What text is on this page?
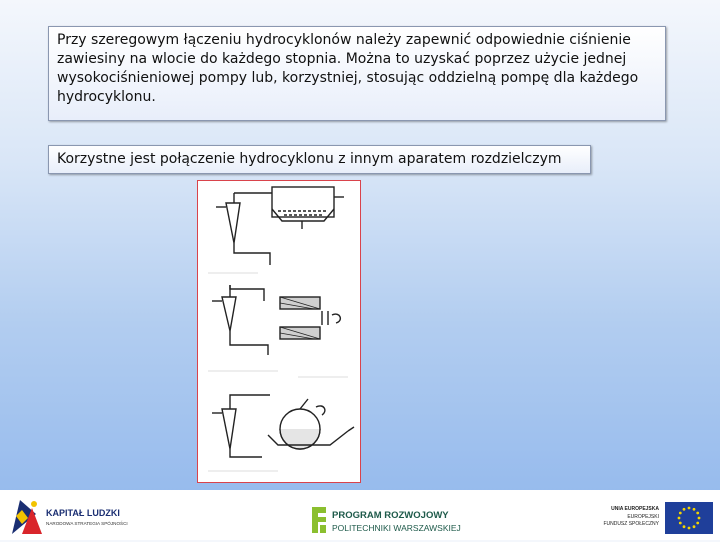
Przy szeregowym łączeniu hydrocyklonów należy zapewnić odpowiednie ciśnienie zawiesiny na wlocie do każdego stopnia. Można to uzyskać poprzez użycie jednej wysokociśnieniowej pompy lub, korzystniej, stosując oddzielną pompę dla każdego hydrocyklonu.
Korzystne jest połączenie hydrocyklonu z innym aparatem rozdzielczym
KAPITAŁ LUDZKI
NARODOWA STRATEGIA SPÓJNOŚCI
UNIA EUROPEJSKA
EUROPEJSKI
FUNDUSZ SPOŁECZNY
PROGRAM ROZWOJOWY
POLITECHNIKI WARSZAWSKIEJ
